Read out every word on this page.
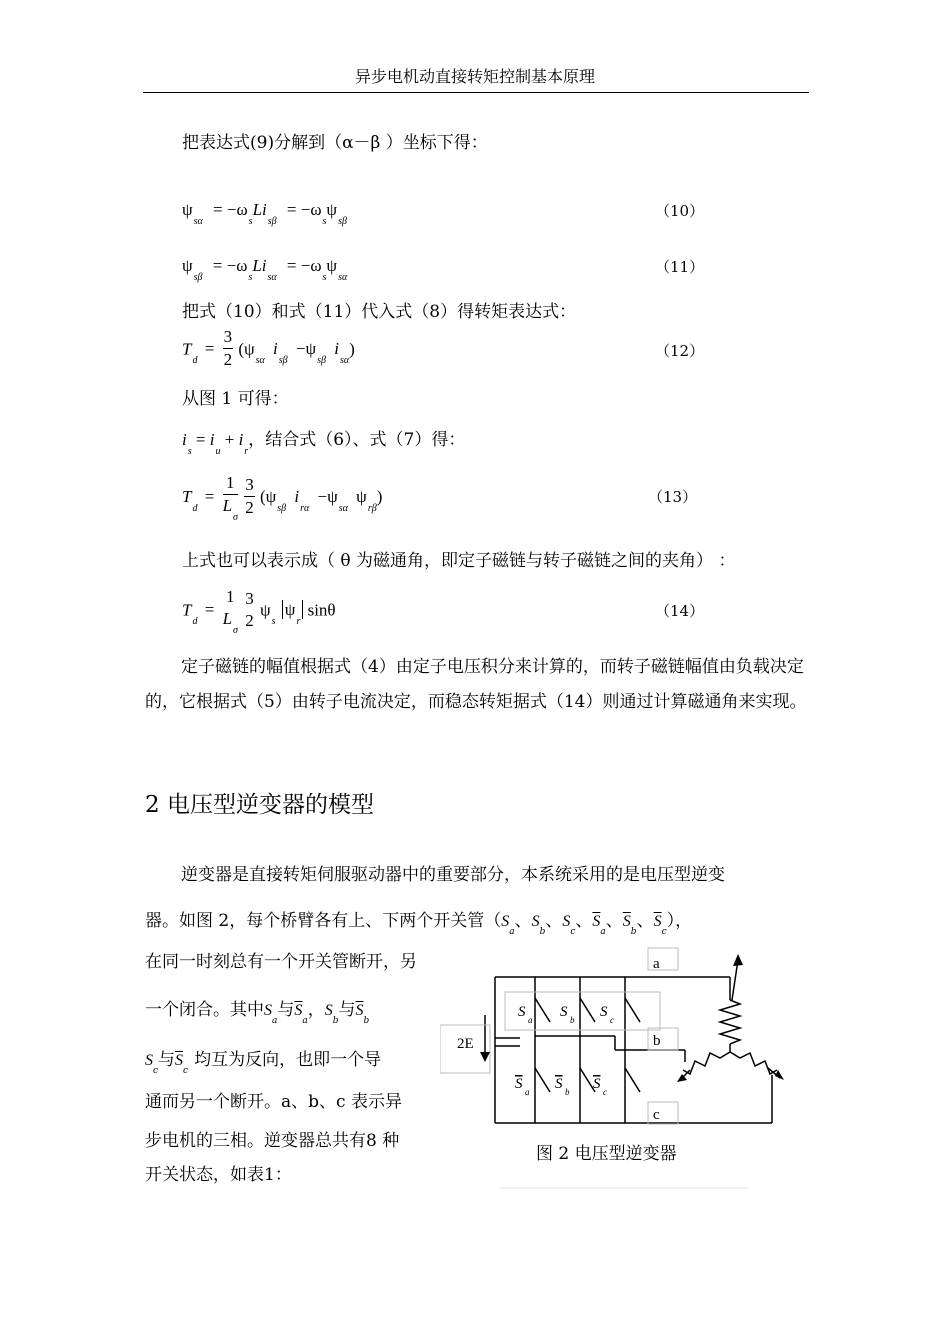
异步电机动直接转矩控制基本原理
把表达式(9)分解到（α－β ）坐标下得：
$\psi_{s\alpha} = -\omega_sLi_{s\beta} = -\omega_s\psi_{s\beta}$
（10）
$\psi_{s\beta} = -\omega_sLi_{s\alpha} = -\omega_s\psi_{s\alpha}$
（11）
把式（10）和式（11）代入式（8）得转矩表达式：
$T_d = \frac{3}{2} (\psi_{s\alpha}$ $i_{s\beta} -\psi_{s\beta}$ $i_{s\alpha}$)	（12）
从图 1 可得：
$i_s = i_u + i_r$，结合式（6）、式（7）得：
$T_d = \frac{1}{L_\sigma}$
$\frac{3}{2} (\psi_{s\beta}$ $i_{r\alpha} -\psi_{s\alpha}$ $\psi_{r\beta}$)	（13）
上式也可以表示成（ θ 为磁通角，即定子磁链与转子磁链之间的夹角） ：
$T_d$ =
1
$L_\sigma$

3
2
$\psi_s$ $\psi_r$ sinθ	（14）
定子磁链的幅值根据式（4）由定子电压积分来计算的，而转子磁链幅值由负载决定的，它根据式（5）由转子电流决定，而稳态转矩据式（14）则通过计算磁通角来实现。
2 电压型逆变器的模型
逆变器是直接转矩伺服驱动器中的重要部分，本系统采用的是电压型逆变
器。如图 2，每个桥臂各有上、下两个开关管（$S_a$、$S_b$、$S_c$、$\overline{S}_a$、$\overline{S}_b$、$\overline{S}_c$），
在同一时刻总有一个开关管断开，另
一个闭合。其中$S_a$与$\overline{S}_a$，$S_b$与$\overline{S}_b$
$S_c$与$\overline{S}_c$均互为反向，也即一个导
通而另一个断开。a、b、c 表示异
步电机的三相。逆变器总共有8 种
开关状态，如表1：
a
b
c
2E
S a S b S c
S a S b S c
图 2 电压型逆变器
